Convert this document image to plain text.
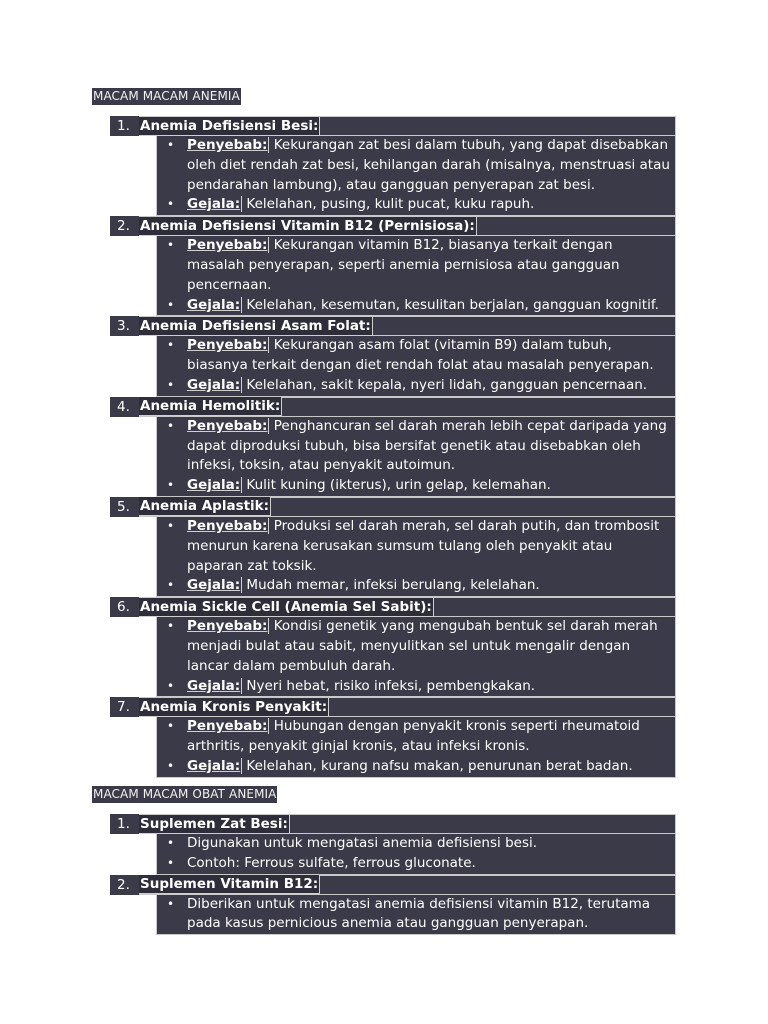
MACAM MACAM ANEMIA
1. Anemia Defisiensi Besi:
• Penyebab: Kekurangan zat besi dalam tubuh, yang dapat disebabkan oleh diet rendah zat besi, kehilangan darah (misalnya, menstruasi atau pendarahan lambung), atau gangguan penyerapan zat besi.
• Gejala: Kelelahan, pusing, kulit pucat, kuku rapuh.
2. Anemia Defisiensi Vitamin B12 (Pernisiosa):
• Penyebab: Kekurangan vitamin B12, biasanya terkait dengan masalah penyerapan, seperti anemia pernisiosa atau gangguan pencernaan.
• Gejala: Kelelahan, kesemutan, kesulitan berjalan, gangguan kognitif.
3. Anemia Defisiensi Asam Folat:
• Penyebab: Kekurangan asam folat (vitamin B9) dalam tubuh, biasanya terkait dengan diet rendah folat atau masalah penyerapan.
• Gejala: Kelelahan, sakit kepala, nyeri lidah, gangguan pencernaan.
4. Anemia Hemolitik:
• Penyebab: Penghancuran sel darah merah lebih cepat daripada yang dapat diproduksi tubuh, bisa bersifat genetik atau disebabkan oleh infeksi, toksin, atau penyakit autoimun.
• Gejala: Kulit kuning (ikterus), urin gelap, kelemahan.
5. Anemia Aplastik:
• Penyebab: Produksi sel darah merah, sel darah putih, dan trombosit menurun karena kerusakan sumsum tulang oleh penyakit atau paparan zat toksik.
• Gejala: Mudah memar, infeksi berulang, kelelahan.
6. Anemia Sickle Cell (Anemia Sel Sabit):
• Penyebab: Kondisi genetik yang mengubah bentuk sel darah merah menjadi bulat atau sabit, menyulitkan sel untuk mengalir dengan lancar dalam pembuluh darah.
• Gejala: Nyeri hebat, risiko infeksi, pembengkakan.
7. Anemia Kronis Penyakit:
• Penyebab: Hubungan dengan penyakit kronis seperti rheumatoid arthritis, penyakit ginjal kronis, atau infeksi kronis.
• Gejala: Kelelahan, kurang nafsu makan, penurunan berat badan.
MACAM MACAM OBAT ANEMIA
1. Suplemen Zat Besi:
• Digunakan untuk mengatasi anemia defisiensi besi.
• Contoh: Ferrous sulfate, ferrous gluconate.
2. Suplemen Vitamin B12:
• Diberikan untuk mengatasi anemia defisiensi vitamin B12, terutama pada kasus pernicious anemia atau gangguan penyerapan.
